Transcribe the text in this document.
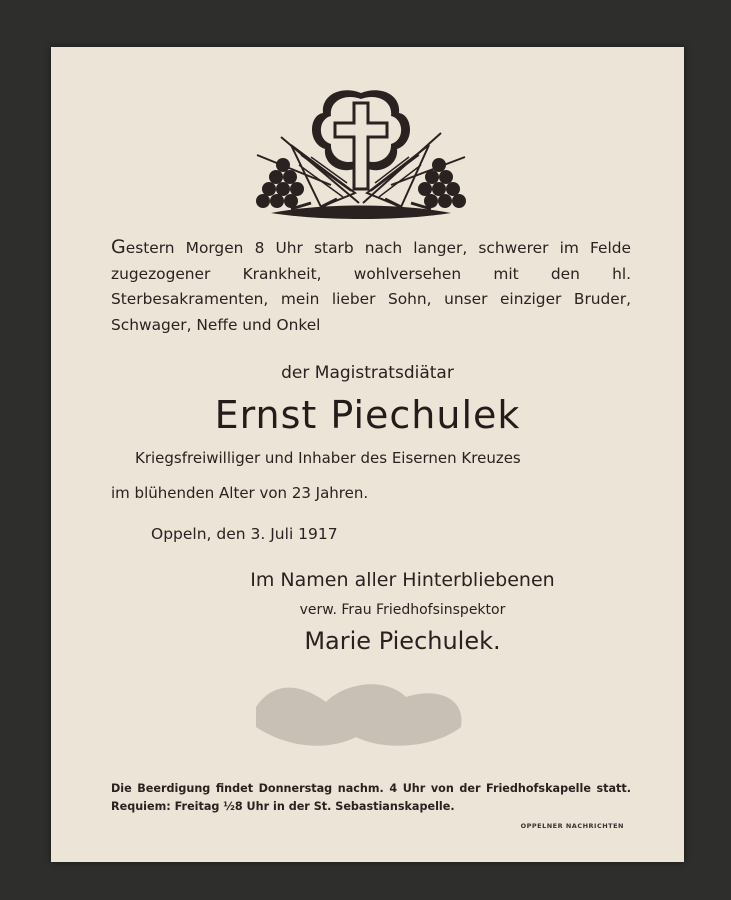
Gestern Morgen 8 Uhr starb nach langer, schwerer im Felde zugezogener Krankheit, wohlversehen mit den hl. Sterbesakramenten, mein lieber Sohn, unser einziger Bruder, Schwager, Neffe und Onkel

der Magistratsdiätar
Ernst Piechulek
Kriegsfreiwilliger und Inhaber des Eisernen Kreuzes
im blühenden Alter von 23 Jahren.
Oppeln, den 3. Juli 1917
Im Namen aller Hinterbliebenen
verw. Frau Friedhofsinspektor
Marie Piechulek.

Die Beerdigung findet Donnerstag nachm. 4 Uhr von der Friedhofskapelle statt. Requiem: Freitag ½8 Uhr in der St. Sebastianskapelle.

OPPELNER NACHRICHTEN
